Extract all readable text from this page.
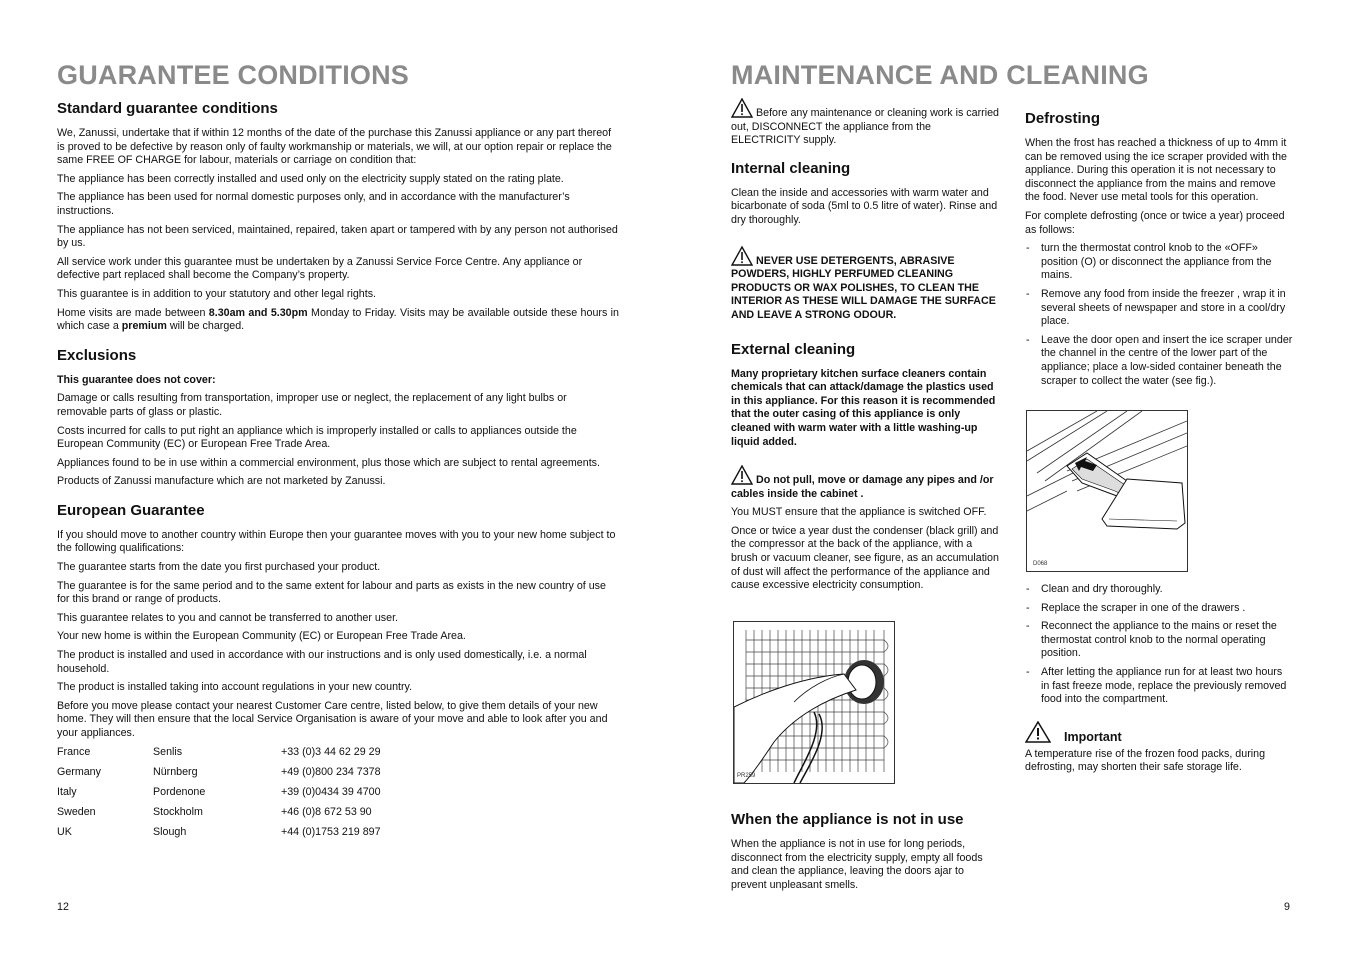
GUARANTEE CONDITIONS
Standard guarantee conditions

We, Zanussi, undertake that if within 12 months of the date of the purchase this Zanussi appliance or any part thereof is proved to be defective by reason only of faulty workmanship or materials, we will, at our option repair or replace the same FREE OF CHARGE for labour, materials or carriage on condition that:

The appliance has been correctly installed and used only on the electricity supply stated on the rating plate.

The appliance has been used for normal domestic purposes only, and in accordance with the manufacturer’s instructions.

The appliance has not been serviced, maintained, repaired, taken apart or tampered with by any person not authorised by us.

All service work under this guarantee must be undertaken by a Zanussi Service Force Centre. Any appliance or defective part replaced shall become the Company’s property.

This guarantee is in addition to your statutory and other legal rights.

Home visits are made between 8.30am and 5.30pm Monday to Friday. Visits may be available outside these hours in which case a premium will be charged.

Exclusions

This guarantee does not cover:

Damage or calls resulting from transportation, improper use or neglect, the replacement of any light bulbs or removable parts of glass or plastic.

Costs incurred for calls to put right an appliance which is improperly installed or calls to appliances outside the European Community (EC) or European Free Trade Area.

Appliances found to be in use within a commercial environment, plus those which are subject to rental agreements.

Products of Zanussi manufacture which are not marketed by Zanussi.

European Guarantee

If you should move to another country within Europe then your guarantee moves with you to your new home subject to the following qualifications:

The guarantee starts from the date you first purchased your product.

The guarantee is for the same period and to the same extent for labour and parts as exists in the new country of use for this brand or range of products.

This guarantee relates to you and cannot be transferred to another user.

Your new home is within the European Community (EC) or European Free Trade Area.

The product is installed and used in accordance with our instructions and is only used domestically, i.e. a normal household.

The product is installed taking into account regulations in your new country.

Before you move please contact your nearest Customer Care centre, listed below, to give them details of your new home. They will then ensure that the local Service Organisation is aware of your move and able to look after you and your appliances.

France	Senlis	+33 (0)3 44 62 29 29
Germany	Nürnberg	+49 (0)800 234 7378
Italy	Pordenone	+39 (0)0434 39 4700
Sweden	Stockholm	+46 (0)8 672 53 90
UK	Slough	+44 (0)1753 219 897
12
MAINTENANCE AND CLEANING

Before any maintenance or cleaning work is carried out, DISCONNECT the appliance from the ELECTRICITY supply.

Internal cleaning

Clean the inside and accessories with warm water and bicarbonate of soda (5ml to 0.5 litre of water). Rinse and dry thoroughly.

NEVER USE DETERGENTS, ABRASIVE POWDERS, HIGHLY PERFUMED CLEANING PRODUCTS OR WAX POLISHES, TO CLEAN THE INTERIOR AS THESE WILL DAMAGE THE SURFACE AND LEAVE A STRONG ODOUR.

External cleaning

Many proprietary kitchen surface cleaners contain chemicals that can attack/damage the plastics used in this appliance. For this reason it is recommended that the outer casing of this appliance is only cleaned with warm water with a little washing-up liquid added.

Do not pull, move or damage any pipes and /or cables inside the cabinet .

You MUST ensure that the appliance is switched OFF.

Once or twice a year dust the condenser (black grill) and the compressor at the back of the appliance, with a brush or vacuum cleaner, see figure, as an accumulation of dust will affect the performance of the appliance and cause excessive electricity consumption.

PR259
When the appliance is not in use

When the appliance is not in use for long periods, disconnect from the electricity supply, empty all foods and clean the appliance, leaving the doors ajar to prevent unpleasant smells.

Defrosting

When the frost has reached a thickness of up to 4mm it can be removed using the ice scraper provided with the appliance. During this operation it is not necessary to disconnect the appliance from the mains and remove the food. Never use metal tools for this operation.

For complete defrosting (once or twice a year) proceed as follows:

- turn the thermostat control knob to the «OFF» position (O) or disconnect the appliance from the mains.
- Remove any food from inside the freezer , wrap it in several sheets of newspaper and store in a cool/dry place.
- Leave the door open and insert the ice scraper under the channel in the centre of the lower part of the appliance; place a low-sided container beneath the scraper to collect the water (see fig.).
D068
- Clean and dry thoroughly.
- Replace the scraper in one of the drawers .
- Reconnect the appliance to the mains or reset the thermostat control knob to the normal operating position.
- After letting the appliance run for at least two hours in fast freeze mode, replace the previously removed food into the compartment.
Important

A temperature rise of the frozen food packs, during defrosting, may shorten their safe storage life.

9
